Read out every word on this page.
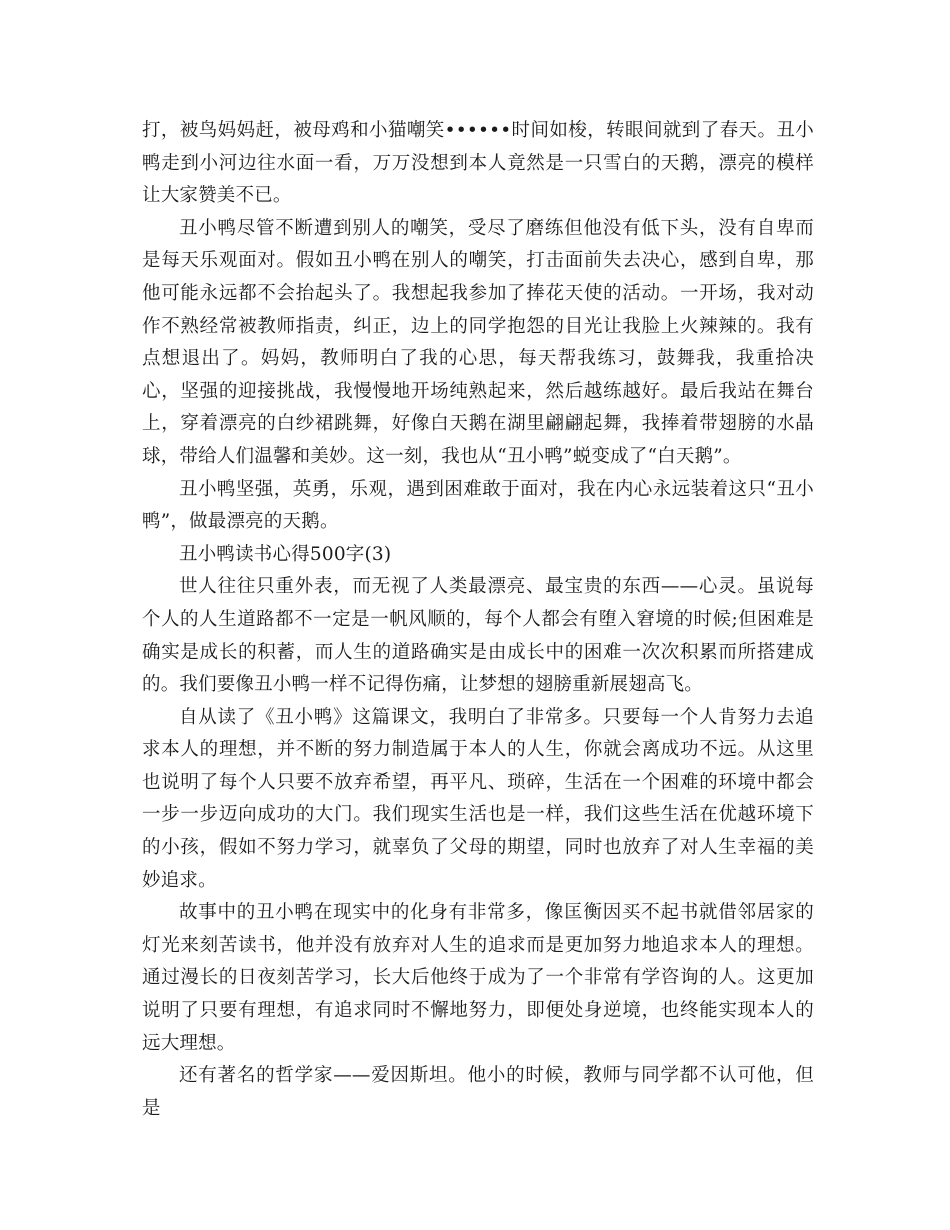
打，被鸟妈妈赶，被母鸡和小猫嘲笑••••••时间如梭，转眼间就到了春天。丑小鸭走到小河边往水面一看，万万没想到本人竟然是一只雪白的天鹅，漂亮的模样让大家赞美不已。

丑小鸭尽管不断遭到别人的嘲笑，受尽了磨练但他没有低下头，没有自卑而是每天乐观面对。假如丑小鸭在别人的嘲笑，打击面前失去决心，感到自卑，那他可能永远都不会抬起头了。我想起我参加了捧花天使的活动。一开场，我对动作不熟经常被教师指责，纠正，边上的同学抱怨的目光让我脸上火辣辣的。我有点想退出了。妈妈，教师明白了我的心思，每天帮我练习，鼓舞我，我重拾决心，坚强的迎接挑战，我慢慢地开场纯熟起来，然后越练越好。最后我站在舞台上，穿着漂亮的白纱裙跳舞，好像白天鹅在湖里翩翩起舞，我捧着带翅膀的水晶球，带给人们温馨和美妙。这一刻，我也从“丑小鸭”蜕变成了“白天鹅”。

丑小鸭坚强，英勇，乐观，遇到困难敢于面对，我在内心永远装着这只“丑小鸭”，做最漂亮的天鹅。

丑小鸭读书心得500字(3)

世人往往只重外表，而无视了人类最漂亮、最宝贵的东西——心灵。虽说每个人的人生道路都不一定是一帆风顺的，每个人都会有堕入窘境的时候;但困难是确实是成长的积蓄，而人生的道路确实是由成长中的困难一次次积累而所搭建成的。我们要像丑小鸭一样不记得伤痛，让梦想的翅膀重新展翅高飞。

自从读了《丑小鸭》这篇课文，我明白了非常多。只要每一个人肯努力去追求本人的理想，并不断的努力制造属于本人的人生，你就会离成功不远。从这里也说明了每个人只要不放弃希望，再平凡、琐碎，生活在一个困难的环境中都会一步一步迈向成功的大门。我们现实生活也是一样，我们这些生活在优越环境下的小孩，假如不努力学习，就辜负了父母的期望，同时也放弃了对人生幸福的美妙追求。

故事中的丑小鸭在现实中的化身有非常多，像匡衡因买不起书就借邻居家的灯光来刻苦读书，他并没有放弃对人生的追求而是更加努力地追求本人的理想。通过漫长的日夜刻苦学习，长大后他终于成为了一个非常有学咨询的人。这更加说明了只要有理想，有追求同时不懈地努力，即便处身逆境，也终能实现本人的远大理想。

还有著名的哲学家——爱因斯坦。他小的时候，教师与同学都不认可他，但是
